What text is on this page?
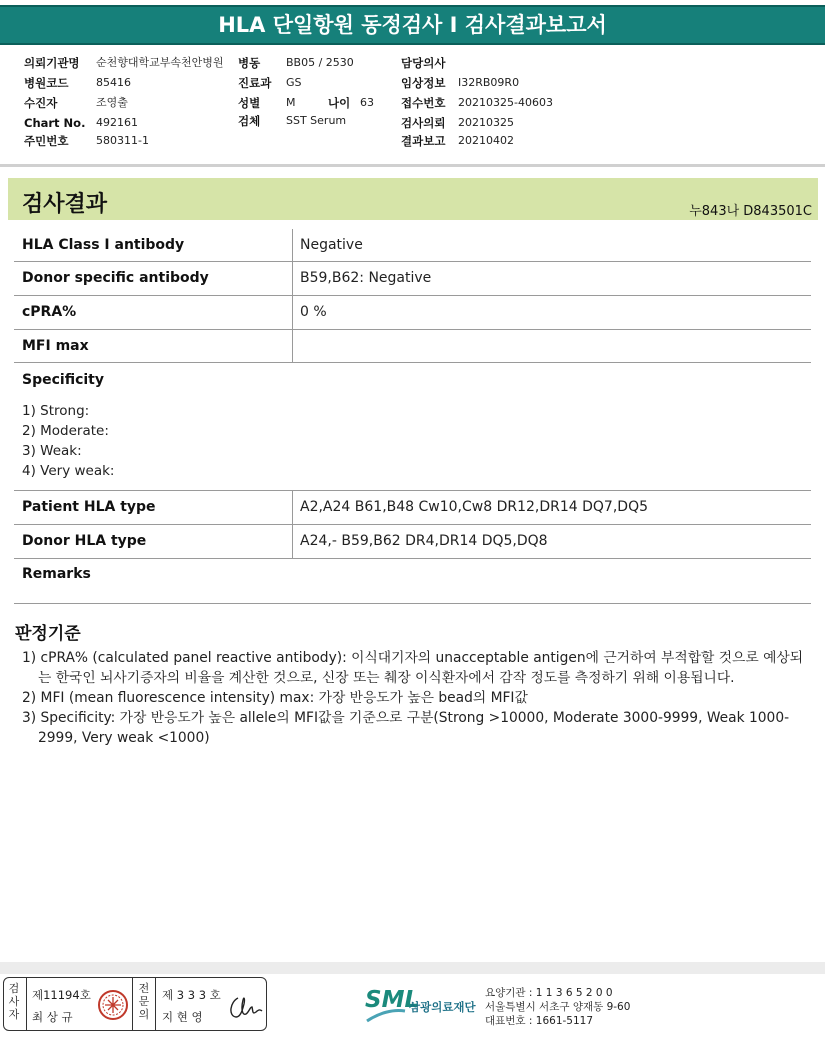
HLA 단일항원 동정검사 I 검사결과보고서
의뢰기관명 순천향대학교부속천안병원
병원코드	85416
수진자	조영출
Chart No. 492161
주민번호	580311-1
병동 BB05 / 2530
진료과 GS
성별 M	나이 63
검체 SST Serum
담당의사
임상정보 I32RB09R0
접수번호 20210325-40603
검사의뢰 20210325
결과보고 20210402
검사결과	누843나 D843501C
HLA Class Ⅰ antibody	Negative
Donor specific antibody	B59,B62: Negative
cPRA%	0 %
MFI max
Specificity
1) Strong:
2) Moderate:
3) Weak:
4) Very weak:
Patient HLA type	A2,A24 B61,B48 Cw10,Cw8 DR12,DR14 DQ7,DQ5
Donor HLA type	A24,- B59,B62 DR4,DR14 DQ5,DQ8
Remarks
판정기준
1) cPRA% (calculated panel reactive antibody): 이식대기자의 unacceptable antigen에 근거하여 부적합할 것으로 예상되는 한국인 뇌사기증자의 비율을 계산한 것으로, 신장 또는 췌장 이식환자에서 감작 정도를 측정하기 위해 이용됩니다.
2) MFI (mean fluorescence intensity) max: 가장 반응도가 높은 bead의 MFI값
3) Specificity: 가장 반응도가 높은 allele의 MFI값을 기준으로 구분(Strong >10000, Moderate 3000-9999, Weak 1000-2999, Very weak <1000)
검사자
제11194호
최 상 규
전문의
제 3 3 3 호
지 현 영
SML
삼광의료재단
요양기관 : 1 1 3 6 5 2 0 0
서울특별시 서초구 양재동 9-60
대표번호 : 1661-5117
